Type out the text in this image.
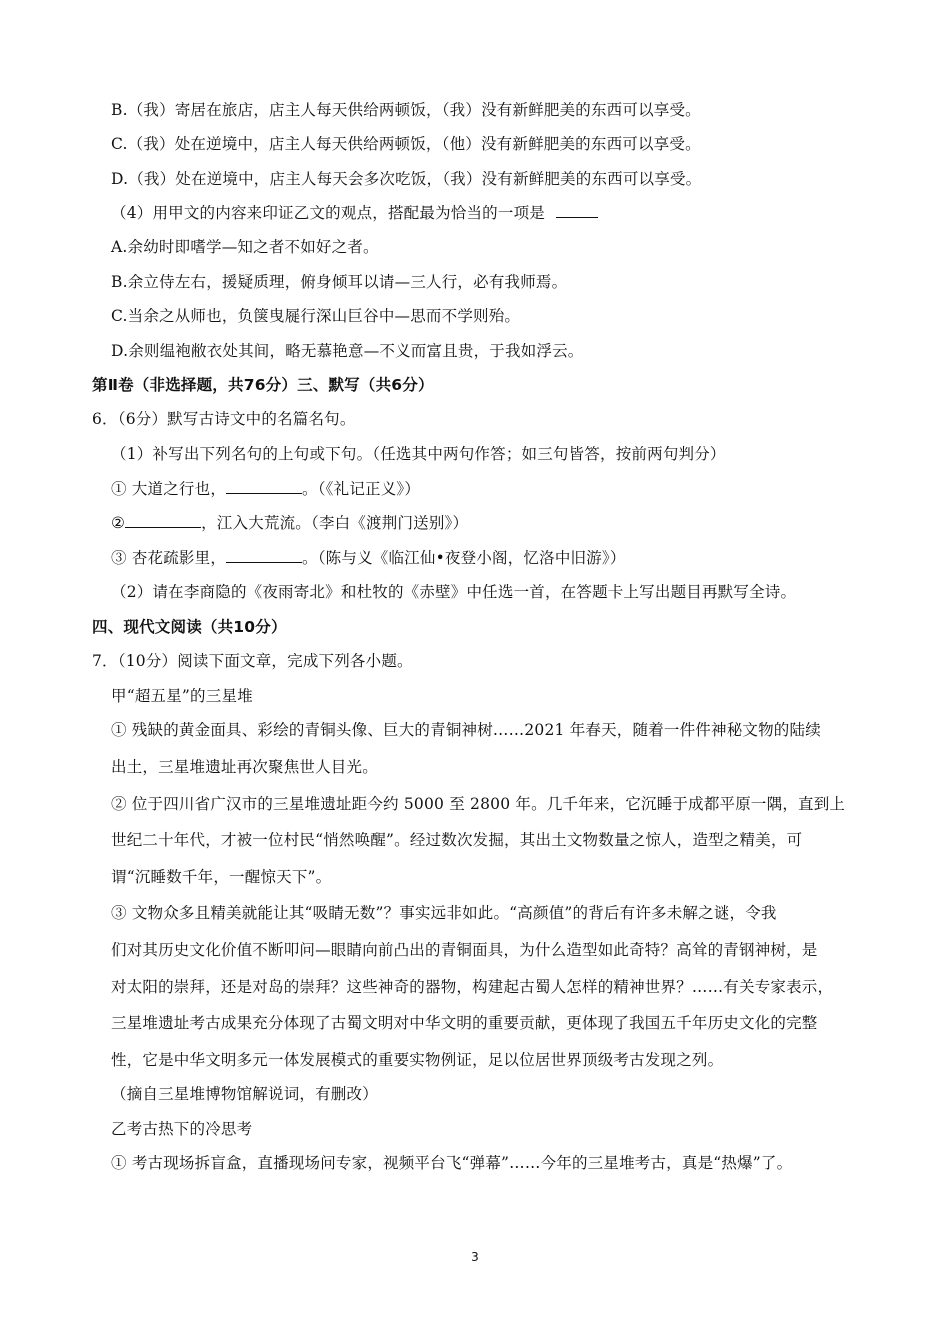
B.（我）寄居在旅店，店主人每天供给两顿饭，（我）没有新鲜肥美的东西可以享受。
C.（我）处在逆境中，店主人每天供给两顿饭，（他）没有新鲜肥美的东西可以享受。
D.（我）处在逆境中，店主人每天会多次吃饭，（我）没有新鲜肥美的东西可以享受。
（4）用甲文的内容来印证乙文的观点，搭配最为恰当的一项是
A.余幼时即嗜学—知之者不如好之者。
B.余立侍左右，援疑质理，俯身倾耳以请—三人行，必有我师焉。
C.当余之从师也，负箧曳屣行深山巨谷中—思而不学则殆。
D.余则缊袍敝衣处其间，略无慕艳意—不义而富且贵，于我如浮云。
第Ⅱ卷（非选择题，共76分）三、默写（共6分）
6．（6分）默写古诗文中的名篇名句。
（1）补写出下列名句的上句或下句。（任选其中两句作答；如三句皆答，按前两句判分）
① 大道之行也，	。（《礼记正义》）
②	，江入大荒流。（李白《渡荆门送别》）
③ 杏花疏影里，	。（陈与义《临江仙•夜登小阁，忆洛中旧游》）
（2）请在李商隐的《夜雨寄北》和杜牧的《赤壁》中任选一首，在答题卡上写出题目再默写全诗。
四、现代文阅读（共10分）
7．（10分）阅读下面文章，完成下列各小题。
甲“超五星”的三星堆
① 残缺的黄金面具、彩绘的青铜头像、巨大的青铜神树……2021 年春天，随着一件件神秘文物的陆续
出土，三星堆遗址再次聚焦世人目光。
② 位于四川省广汉市的三星堆遗址距今约 5000 至 2800 年。几千年来，它沉睡于成都平原一隅，直到上
世纪二十年代，才被一位村民“悄然唤醒”。经过数次发掘，其出土文物数量之惊人，造型之精美，可
谓“沉睡数千年，一醒惊天下”。
③ 文物众多且精美就能让其“吸睛无数”？事实远非如此。“高颜值”的背后有许多未解之谜，令我
们对其历史文化价值不断叩问—眼睛向前凸出的青铜面具，为什么造型如此奇特？高耸的青钢神树，是
对太阳的崇拜，还是对岛的崇拜？这些神奇的器物，构建起古蜀人怎样的精神世界？……有关专家表示，
三星堆遗址考古成果充分体现了古蜀文明对中华文明的重要贡献，更体现了我国五千年历史文化的完整
性，它是中华文明多元一体发展模式的重要实物例证，足以位居世界顶级考古发现之列。
（摘自三星堆博物馆解说词，有删改）
乙考古热下的冷思考
① 考古现场拆盲盒，直播现场问专家，视频平台飞“弹幕”……今年的三星堆考古，真是“热爆”了。
3
